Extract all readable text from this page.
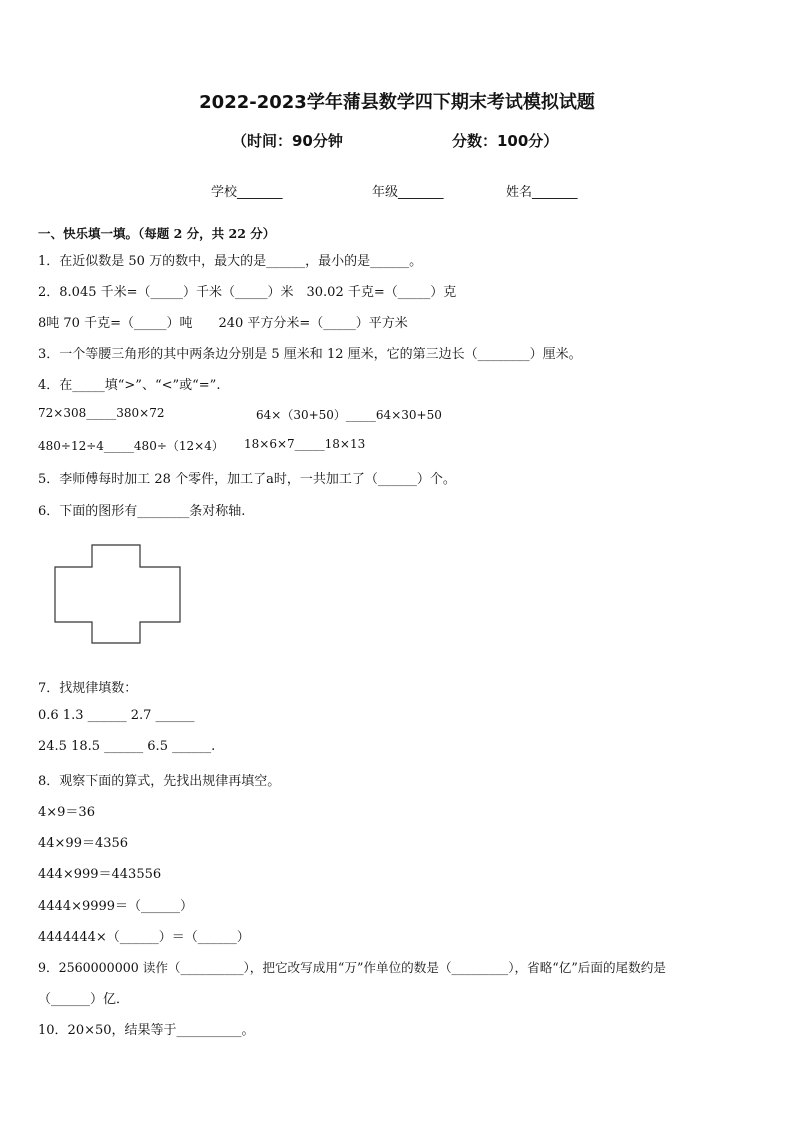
2022-2023学年蒲县数学四下期末考试模拟试题
（时间：90分钟	分数：100分）
学校_______	年级_______	姓名_______
一、快乐填一填。（每题 2 分，共 22 分）
1．在近似数是 50 万的数中，最大的是______，最小的是______。
2．8.045 千米=（_____）千米（_____）米　30.02 千克=（_____）克
8吨 70 千克=（_____）吨　　240 平方分米=（_____）平方米
3．一个等腰三角形的其中两条边分别是 5 厘米和 12 厘米，它的第三边长（________）厘米。
4．在_____填“>”、“<”或“=”.
72×308_____380×72	64×（30+50）_____64×30+50
480÷12÷4_____480÷（12×4） 18×6×7_____18×13
5．李师傅每时加工 28 个零件，加工了a时，一共加工了（______）个。
6．下面的图形有________条对称轴.
7．找规律填数：
0.6 1.3 ______ 2.7 ______
24.5 18.5 ______ 6.5 ______.
8．观察下面的算式，先找出规律再填空。
4×9＝36
44×99＝4356
444×999＝443556
4444×9999＝（______）
4444444×（______）＝（______）
9．2560000000 读作（__________），把它改写成用“万”作单位的数是（_________），省略“亿”后面的尾数约是
（______）亿．
10．20×50，结果等于__________。
